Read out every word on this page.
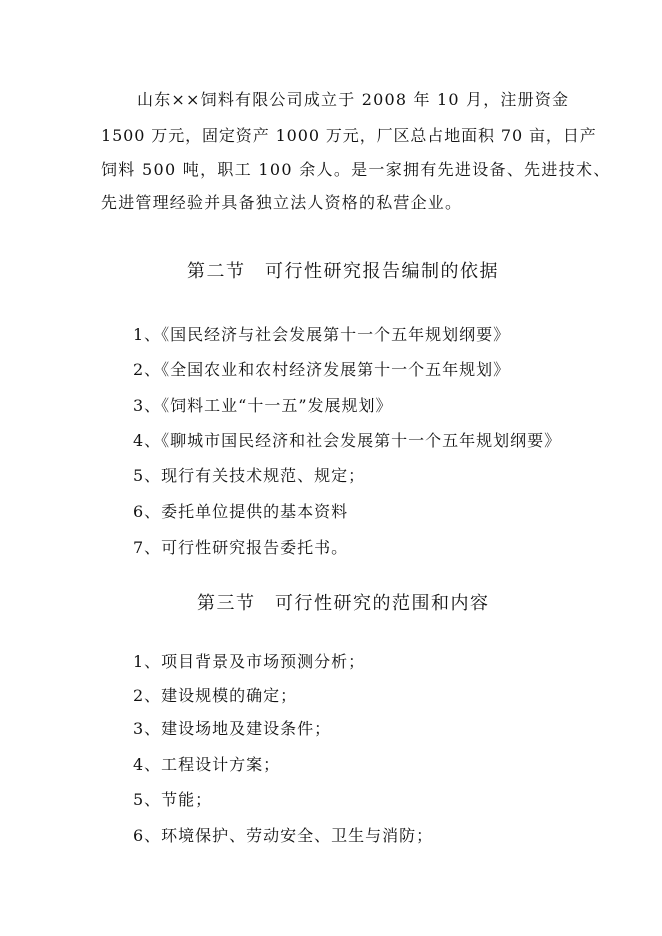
山东××饲料有限公司成立于 2008 年 10 月，注册资金
1500 万元，固定资产 1000 万元，厂区总占地面积 70 亩，日产
饲料 500 吨，职工 100 余人。是一家拥有先进设备、先进技术、
先进管理经验并具备独立法人资格的私营企业。
第二节　可行性研究报告编制的依据
1、《国民经济与社会发展第十一个五年规划纲要》
2、《全国农业和农村经济发展第十一个五年规划》
3、《饲料工业“十一五”发展规划》
4、《聊城市国民经济和社会发展第十一个五年规划纲要》
5、现行有关技术规范、规定；
6、委托单位提供的基本资料
7、可行性研究报告委托书。
第三节　可行性研究的范围和内容
1、项目背景及市场预测分析；
2、建设规模的确定；
3、建设场地及建设条件；
4、工程设计方案；
5、节能；
6、环境保护、劳动安全、卫生与消防；
